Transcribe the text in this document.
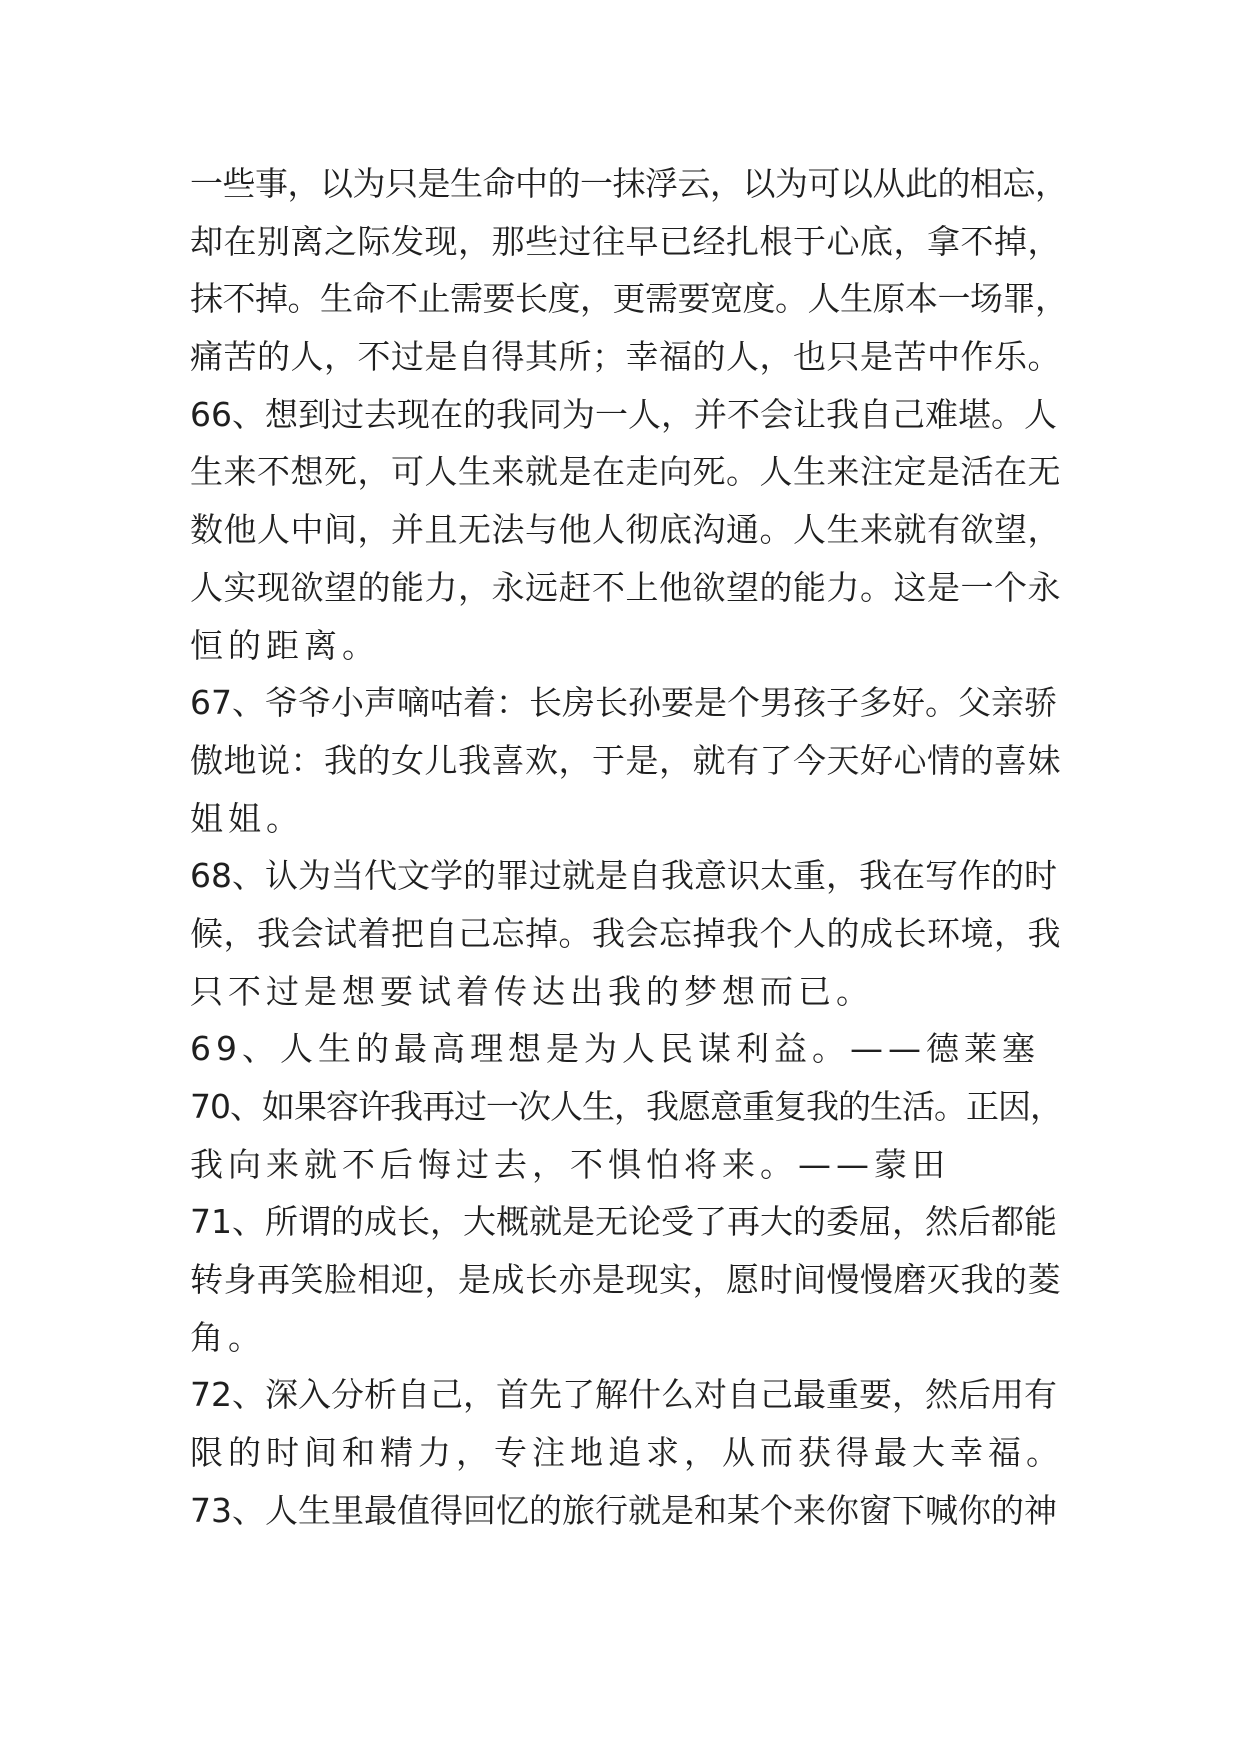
一些事，以为只是生命中的一抹浮云，以为可以从此的相忘，
却在别离之际发现，那些过往早已经扎根于心底，拿不掉，
抹不掉。生命不止需要长度，更需要宽度。人生原本一场罪，
痛苦的人，不过是自得其所；幸福的人，也只是苦中作乐。
66、想到过去现在的我同为一人，并不会让我自己难堪。人
生来不想死，可人生来就是在走向死。人生来注定是活在无
数他人中间，并且无法与他人彻底沟通。人生来就有欲望，
人实现欲望的能力，永远赶不上他欲望的能力。这是一个永
恒的距离。
67、爷爷小声嘀咕着：长房长孙要是个男孩子多好。父亲骄
傲地说：我的女儿我喜欢，于是，就有了今天好心情的喜妹
姐姐。
68、认为当代文学的罪过就是自我意识太重，我在写作的时
候，我会试着把自己忘掉。我会忘掉我个人的成长环境，我
只不过是想要试着传达出我的梦想而已。
69、人生的最高理想是为人民谋利益。——德莱塞
70、如果容许我再过一次人生，我愿意重复我的生活。正因，
我向来就不后悔过去，不惧怕将来。——蒙田
71、所谓的成长，大概就是无论受了再大的委屈，然后都能
转身再笑脸相迎，是成长亦是现实，愿时间慢慢磨灭我的菱
角。
72、深入分析自己，首先了解什么对自己最重要，然后用有
限的时间和精力，专注地追求，从而获得最大幸福。
73、人生里最值得回忆的旅行就是和某个来你窗下喊你的神
